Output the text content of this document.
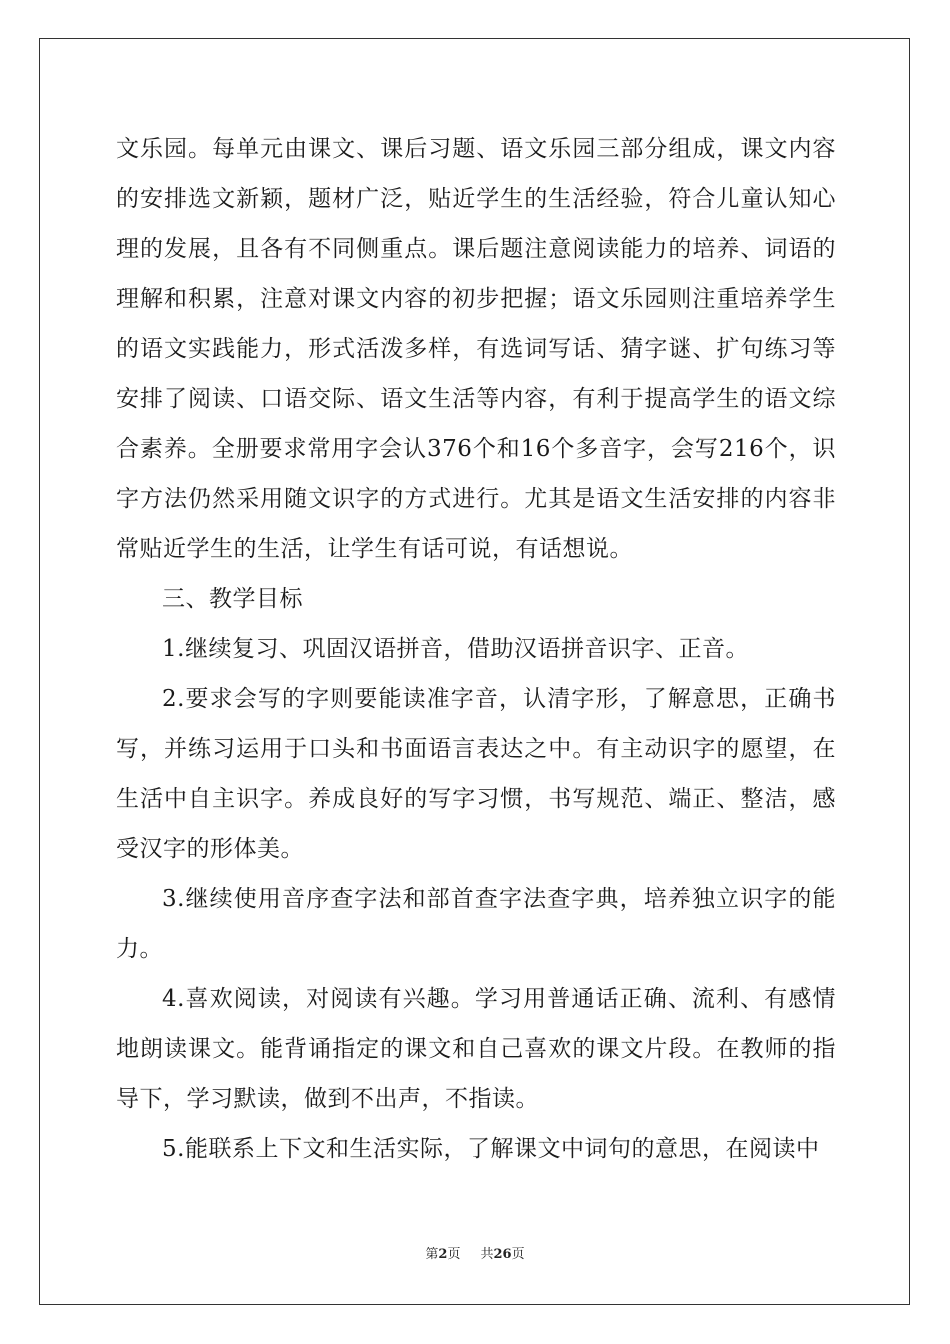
文乐园。每单元由课文、课后习题、语文乐园三部分组成，课文内容的安排选文新颖，题材广泛，贴近学生的生活经验，符合儿童认知心理的发展，且各有不同侧重点。课后题注意阅读能力的培养、词语的理解和积累，注意对课文内容的初步把握；语文乐园则注重培养学生的语文实践能力，形式活泼多样，有选词写话、猜字谜、扩句练习等安排了阅读、口语交际、语文生活等内容，有利于提高学生的语文综合素养。全册要求常用字会认376个和16个多音字，会写216个，识字方法仍然采用随文识字的方式进行。尤其是语文生活安排的内容非常贴近学生的生活，让学生有话可说，有话想说。

三、教学目标

1.继续复习、巩固汉语拼音，借助汉语拼音识字、正音。

2.要求会写的字则要能读准字音，认清字形，了解意思，正确书写，并练习运用于口头和书面语言表达之中。有主动识字的愿望，在生活中自主识字。养成良好的写字习惯，书写规范、端正、整洁，感受汉字的形体美。

3.继续使用音序查字法和部首查字法查字典，培养独立识字的能力。

4.喜欢阅读，对阅读有兴趣。学习用普通话正确、流利、有感情地朗读课文。能背诵指定的课文和自己喜欢的课文片段。在教师的指导下，学习默读，做到不出声，不指读。

5.能联系上下文和生活实际，了解课文中词句的意思，在阅读中

第2页 共26页
